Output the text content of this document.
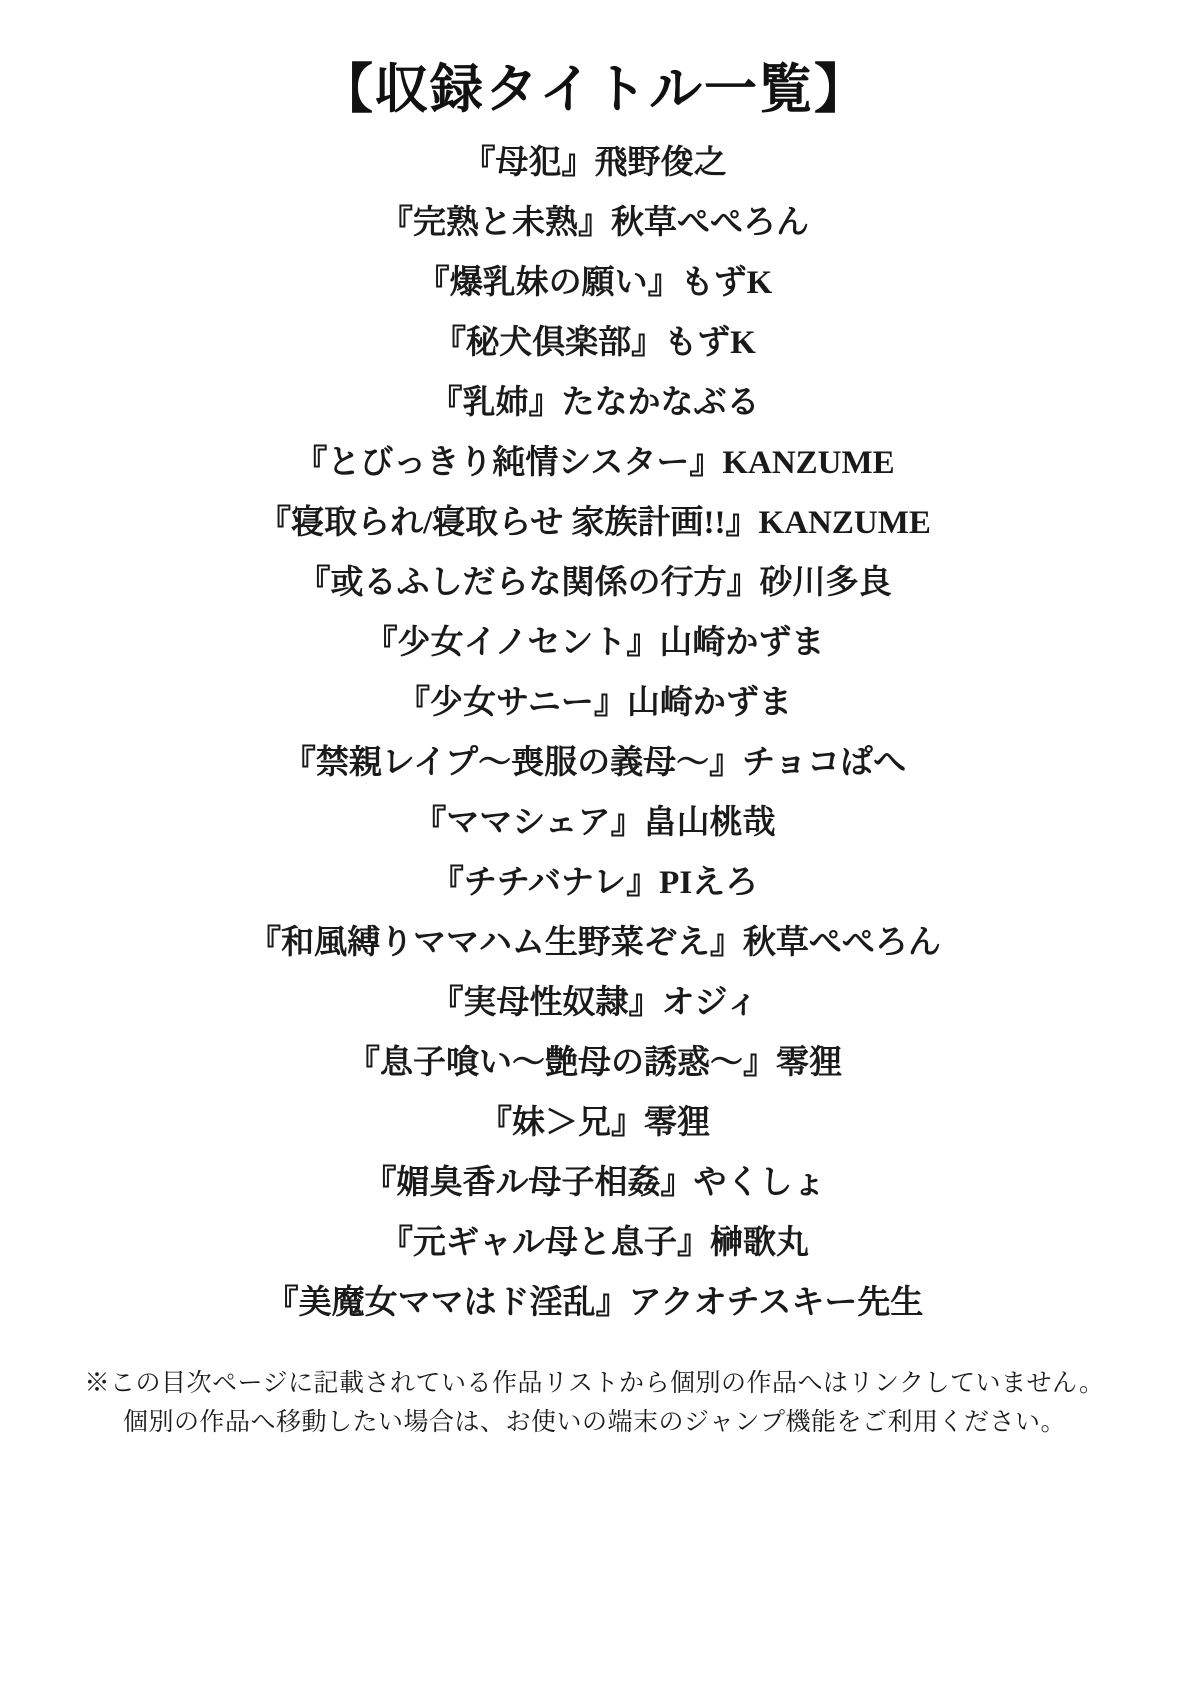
【収録タイトル一覧】
『母犯』飛野俊之
『完熟と未熟』秋草ぺぺろん
『爆乳妹の願い』もずK
『秘犬倶楽部』もずK
『乳姉』たなかなぶる
『とびっきり純情シスター』KANZUME
『寝取られ/寝取らせ 家族計画!!』KANZUME
『或るふしだらな関係の行方』砂川多良
『少女イノセント』山崎かずま
『少女サニー』山崎かずま
『禁親レイプ〜喪服の義母〜』チョコぱへ
『ママシェア』畠山桃哉
『チチバナレ』PIえろ
『和風縛りママハム生野菜ぞえ』秋草ぺぺろん
『実母性奴隷』オジィ
『息子喰い〜艶母の誘惑〜』零狸
『妹＞兄』零狸
『媚臭香ル母子相姦』やくしょ
『元ギャル母と息子』榊歌丸
『美魔女ママはド淫乱』アクオチスキー先生
※この目次ページに記載されている作品リストから個別の作品へはリンクしていません。
個別の作品へ移動したい場合は、お使いの端末のジャンプ機能をご利用ください。
